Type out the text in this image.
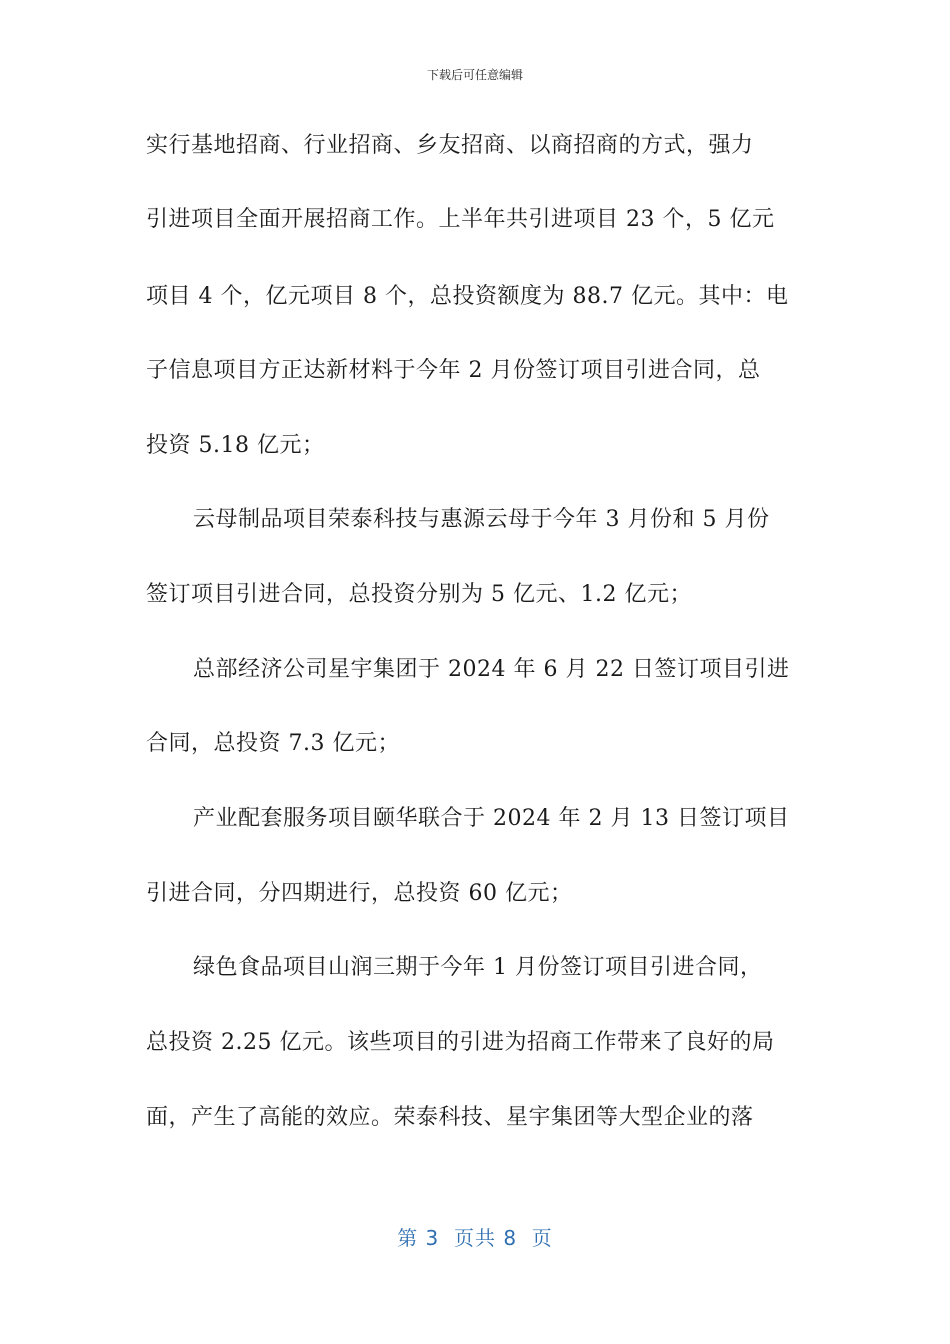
下载后可任意编辑
实行基地招商、行业招商、乡友招商、以商招商的方式，强力
引进项目全面开展招商工作。上半年共引进项目 23 个，5 亿元
项目 4 个，亿元项目 8 个，总投资额度为 88.7 亿元。其中：电
子信息项目方正达新材料于今年 2 月份签订项目引进合同，总
投资 5.18 亿元；
云母制品项目荣泰科技与惠源云母于今年 3 月份和 5 月份
签订项目引进合同，总投资分别为 5 亿元、1.2 亿元；
总部经济公司星宇集团于 2024 年 6 月 22 日签订项目引进
合同，总投资 7.3 亿元；
产业配套服务项目颐华联合于 2024 年 2 月 13 日签订项目
引进合同，分四期进行，总投资 60 亿元；
绿色食品项目山润三期于今年 1 月份签订项目引进合同，
总投资 2.25 亿元。该些项目的引进为招商工作带来了良好的局
面，产生了高能的效应。荣泰科技、星宇集团等大型企业的落
第 3  页共 8  页
